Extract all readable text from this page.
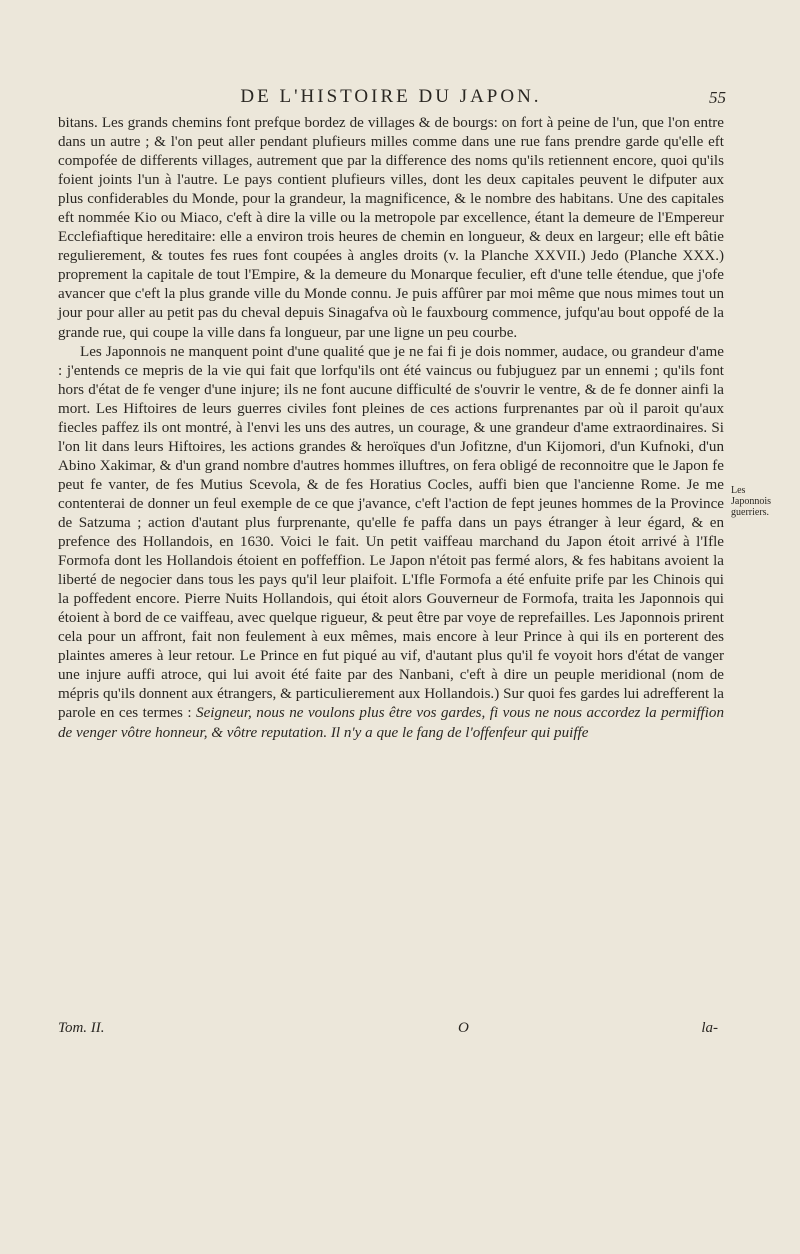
DE L'HISTOIRE DU JAPON.	55

bitans. Les grands chemins font prefque bordez de villages & de bourgs: on fort à peine de l'un, que l'on entre dans un autre ; & l'on peut aller pendant plufieurs milles comme dans une rue fans prendre garde qu'elle eft compofée de differents villages, autrement que par la difference des noms qu'ils retiennent encore, quoi qu'ils foient joints l'un à l'autre. Le pays contient plufieurs villes, dont les deux capitales peuvent le difputer aux plus confiderables du Monde, pour la grandeur, la magnificence, & le nombre des habitans. Une des capitales eft nommée Kio ou Miaco, c'eft à dire la ville ou la metropole par excellence, étant la demeure de l'Empereur Ecclefiaftique hereditaire: elle a environ trois heures de chemin en longueur, & deux en largeur; elle eft bâtie regulierement, & toutes fes rues font coupées à angles droits (v. la Planche XXVII.) Jedo (Planche XXX.) proprement la capitale de tout l'Empire, & la demeure du Monarque feculier, eft d'une telle étendue, que j'ofe avancer que c'eft la plus grande ville du Monde connu. Je puis affûrer par moi même que nous mimes tout un jour pour aller au petit pas du cheval depuis Sinagafva où le fauxbourg commence, jufqu'au bout oppofé de la grande rue, qui coupe la ville dans fa longueur, par une ligne un peu courbe.

Les Japonnois ne manquent point d'une qualité que je ne fai fi je dois nommer, audace, ou grandeur d'ame : j'entends ce mepris de la vie qui fait que lorfqu'ils ont été vaincus ou fubjuguez par un ennemi ; qu'ils font hors d'état de fe venger d'une injure; ils ne font aucune difficulté de s'ouvrir le ventre, & de fe donner ainfi la mort. Les Hiftoires de leurs guerres civiles font pleines de ces actions furprenantes par où il paroit qu'aux fiecles paffez ils ont montré, à l'envi les uns des autres, un courage, & une grandeur d'ame extraordinaires. Si l'on lit dans leurs Hiftoires, les actions grandes & heroïques d'un Jofitzne, d'un Kijomori, d'un Kufnoki, d'un Abino Xakimar, & d'un grand nombre d'autres hommes illuftres, on fera obligé de reconnoitre que le Japon fe peut fe vanter, de fes Mutius Scevola, & de fes Horatius Cocles, auffi bien que l'ancienne Rome. Je me contenterai de donner un feul exemple de ce que j'avance, c'eft l'action de fept jeunes hommes de la Province de Satzuma ; action d'autant plus furprenante, qu'elle fe paffa dans un pays étranger à leur égard, & en prefence des Hollandois, en 1630. Voici le fait. Un petit vaiffeau marchand du Japon étoit arrivé à l'Ifle Formofa dont les Hollandois étoient en poffeffion. Le Japon n'étoit pas fermé alors, & fes habitans avoient la liberté de negocier dans tous les pays qu'il leur plaifoit. L'Ifle Formofa a été enfuite prife par les Chinois qui la poffedent encore. Pierre Nuits Hollandois, qui étoit alors Gouverneur de Formofa, traita les Japonnois qui étoient à bord de ce vaiffeau, avec quelque rigueur, & peut être par voye de reprefailles. Les Japonnois prirent cela pour un affront, fait non feulement à eux mêmes, mais encore à leur Prince à qui ils en porterent des plaintes ameres à leur retour. Le Prince en fut piqué au vif, d'autant plus qu'il fe voyoit hors d'état de vanger une injure auffi atroce, qui lui avoit été faite par des Nanbani, c'eft à dire un peuple meridional (nom de mépris qu'ils donnent aux étrangers, & particulierement aux Hollandois.) Sur quoi fes gardes lui adrefferent la parole en ces termes : Seigneur, nous ne voulons plus être vos gardes, fi vous ne nous accordez la permiffion de venger vôtre honneur, & vôtre reputation. Il n'y a que le fang de l'offenfeur qui puiffe

Les Japonnois guerriers.
Tom. II.	O	la-
